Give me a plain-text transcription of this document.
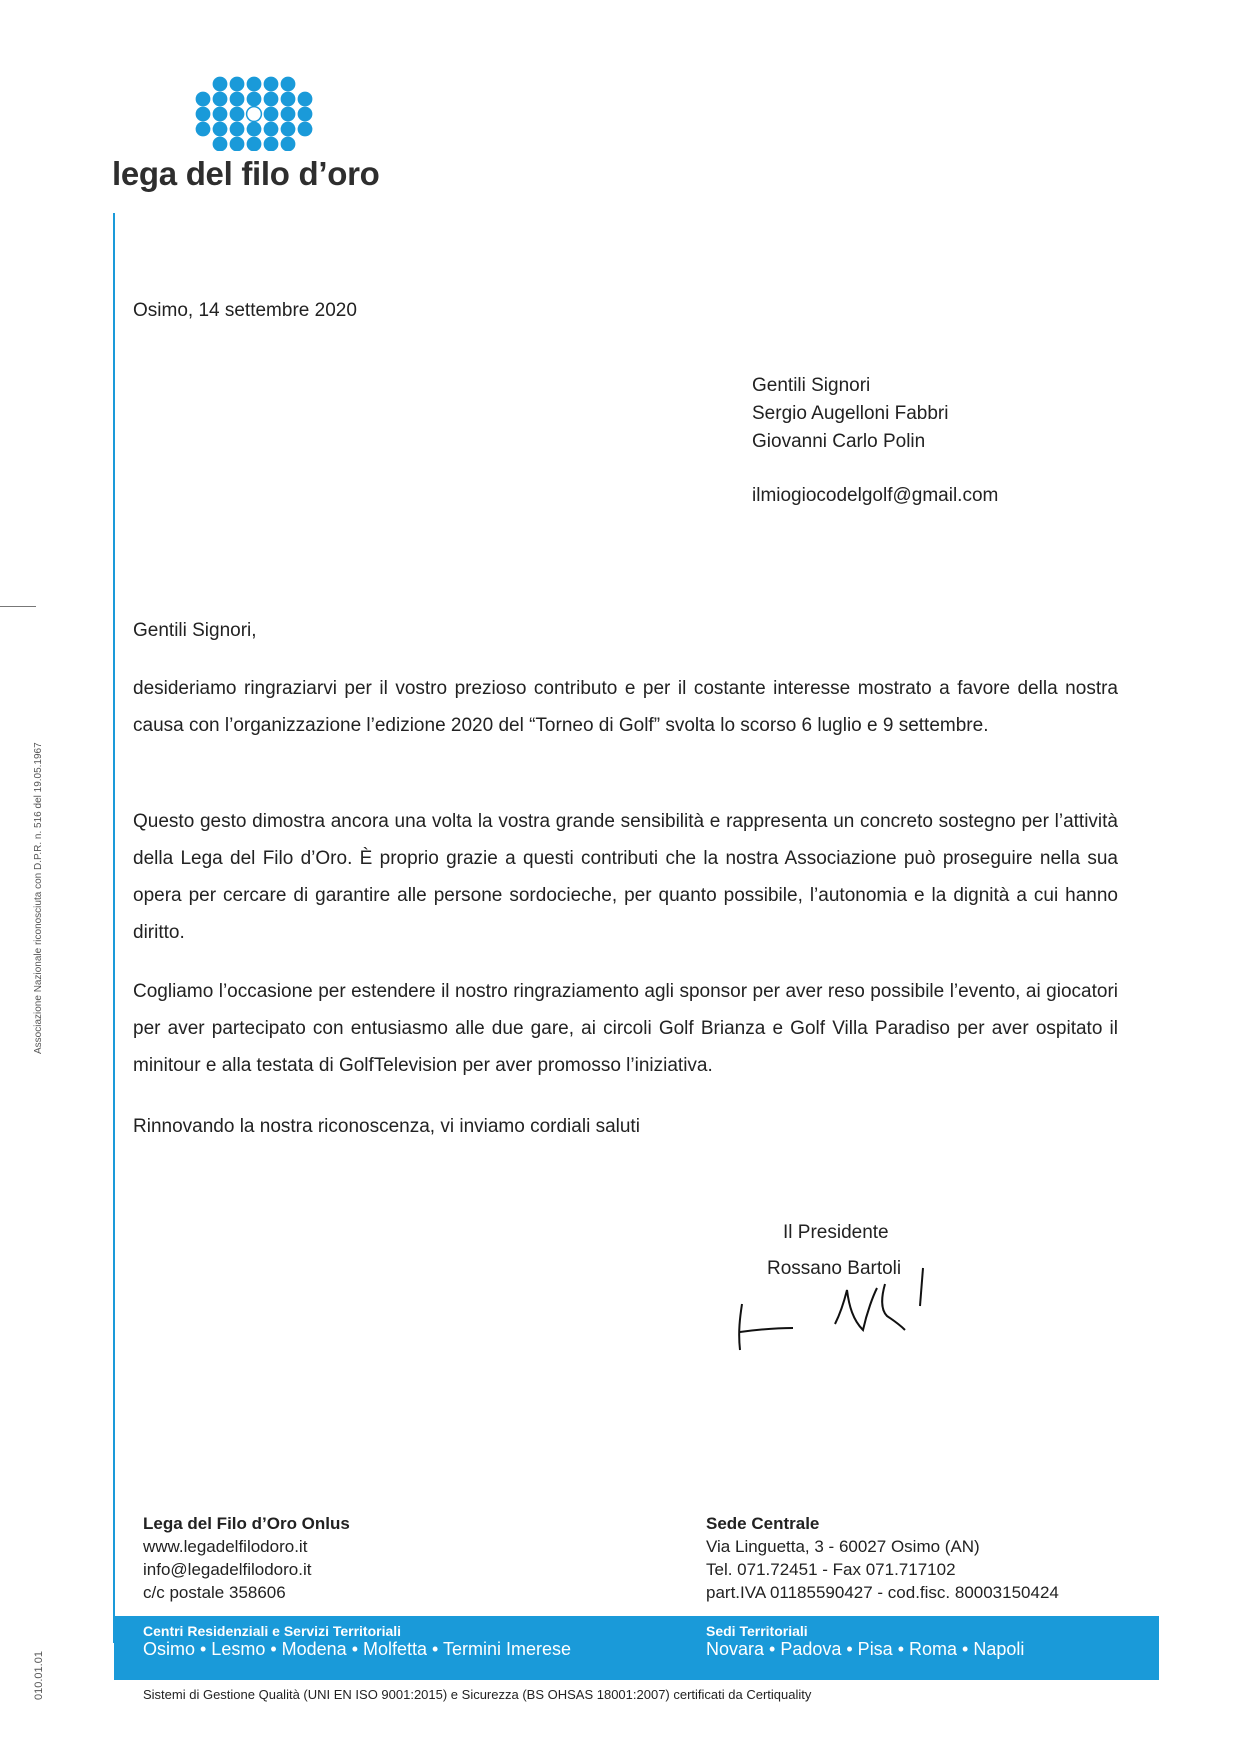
lega del filo d’oro
Associazione Nazionale riconosciuta con D.P.R. n. 516 del 19.05.1967
010.01.01
Osimo, 14 settembre 2020
Gentili Signori
Sergio Augelloni Fabbri
Giovanni Carlo Polin
ilmiogiocodelgolf@gmail.com
Gentili Signori,
desideriamo ringraziarvi per il vostro prezioso contributo e per il costante interesse mostrato a favore della nostra causa con l’organizzazione l’edizione 2020 del “Torneo di Golf” svolta lo scorso 6 luglio e 9 settembre.
Questo gesto dimostra ancora una volta la vostra grande sensibilità e rappresenta un concreto sostegno per l’attività della Lega del Filo d’Oro. È proprio grazie a questi contributi che la nostra Associazione può proseguire nella sua opera per cercare di garantire alle persone sordocieche, per quanto possibile, l’autonomia e la dignità a cui hanno diritto.
Cogliamo l’occasione per estendere il nostro ringraziamento agli sponsor per aver reso possibile l’evento, ai giocatori per aver partecipato con entusiasmo alle due gare, ai circoli Golf Brianza e Golf Villa Paradiso per aver ospitato il minitour e alla testata di GolfTelevision per aver promosso l’iniziativa.
Rinnovando la nostra riconoscenza, vi inviamo cordiali saluti
Il Presidente
Rossano Bartoli
Lega del Filo d’Oro Onlus
www.legadelfilodoro.it
info@legadelfilodoro.it
c/c postale 358606
Sede Centrale
Via Linguetta, 3 - 60027 Osimo (AN)
Tel. 071.72451 - Fax 071.717102
part.IVA 01185590427 - cod.fisc. 80003150424
Centri Residenziali e Servizi Territoriali
Osimo • Lesmo • Modena • Molfetta • Termini Imerese
Sedi Territoriali
Novara • Padova • Pisa • Roma • Napoli
Sistemi di Gestione Qualità (UNI EN ISO 9001:2015) e Sicurezza (BS OHSAS 18001:2007) certificati da Certiquality
